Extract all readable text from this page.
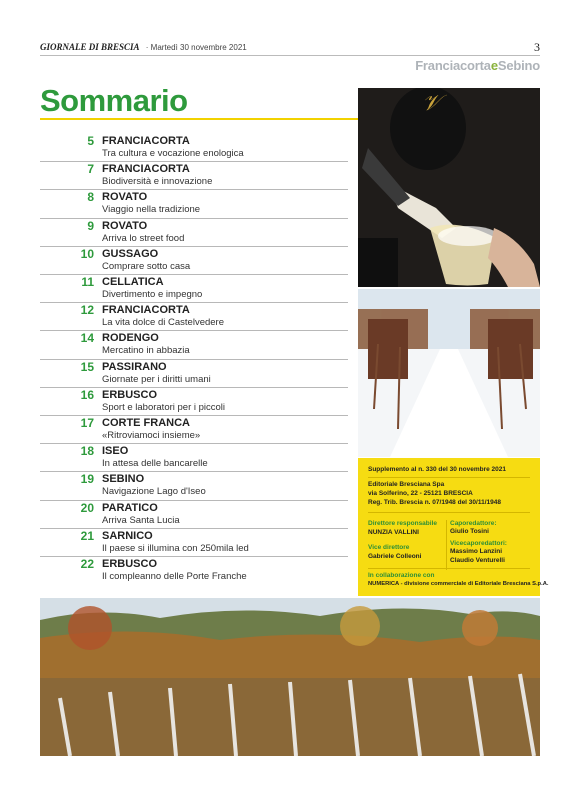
GIORNALE DI BRESCIA · Martedì 30 novembre 2021	3
FranciacortaeSebino
Sommario
5 FRANCIACORTA
Tra cultura e vocazione enologica
7 FRANCIACORTA
Biodiversità e innovazione
8 ROVATO
Viaggio nella tradizione
9 ROVATO
Arriva lo street food
10 GUSSAGO
Comprare sotto casa
11 CELLATICA
Divertimento e impegno
12 FRANCIACORTA
La vita dolce di Castelvedere
14 RODENGO
Mercatino in abbazia
15 PASSIRANO
Giornate per i diritti umani
16 ERBUSCO
Sport e laboratori per i piccoli
17 CORTE FRANCA
«Ritroviamoci insieme»
18 ISEO
In attesa delle bancarelle
19 SEBINO
Navigazione Lago d'Iseo
20 PARATICO
Arriva Santa Lucia
21 SARNICO
Il paese si illumina con 250mila led
22 ERBUSCO
Il compleanno delle Porte Franche
𝒱
Supplemento al n. 330 del 30 novembre 2021
Editoriale Bresciana Spa
via Solferino, 22 - 25121 BRESCIA
Reg. Trib. Brescia n. 07/1948 del 30/11/1948
Direttore responsabile
NUNZIA VALLINI
Vice direttore
Gabriele Colleoni
Caporedattore:
Giulio Tosini
Vicecaporedattori:
Massimo Lanzini
Claudio Venturelli
In collaborazione con
NUMERICA - divisione commerciale di Editoriale Bresciana S.p.A.
